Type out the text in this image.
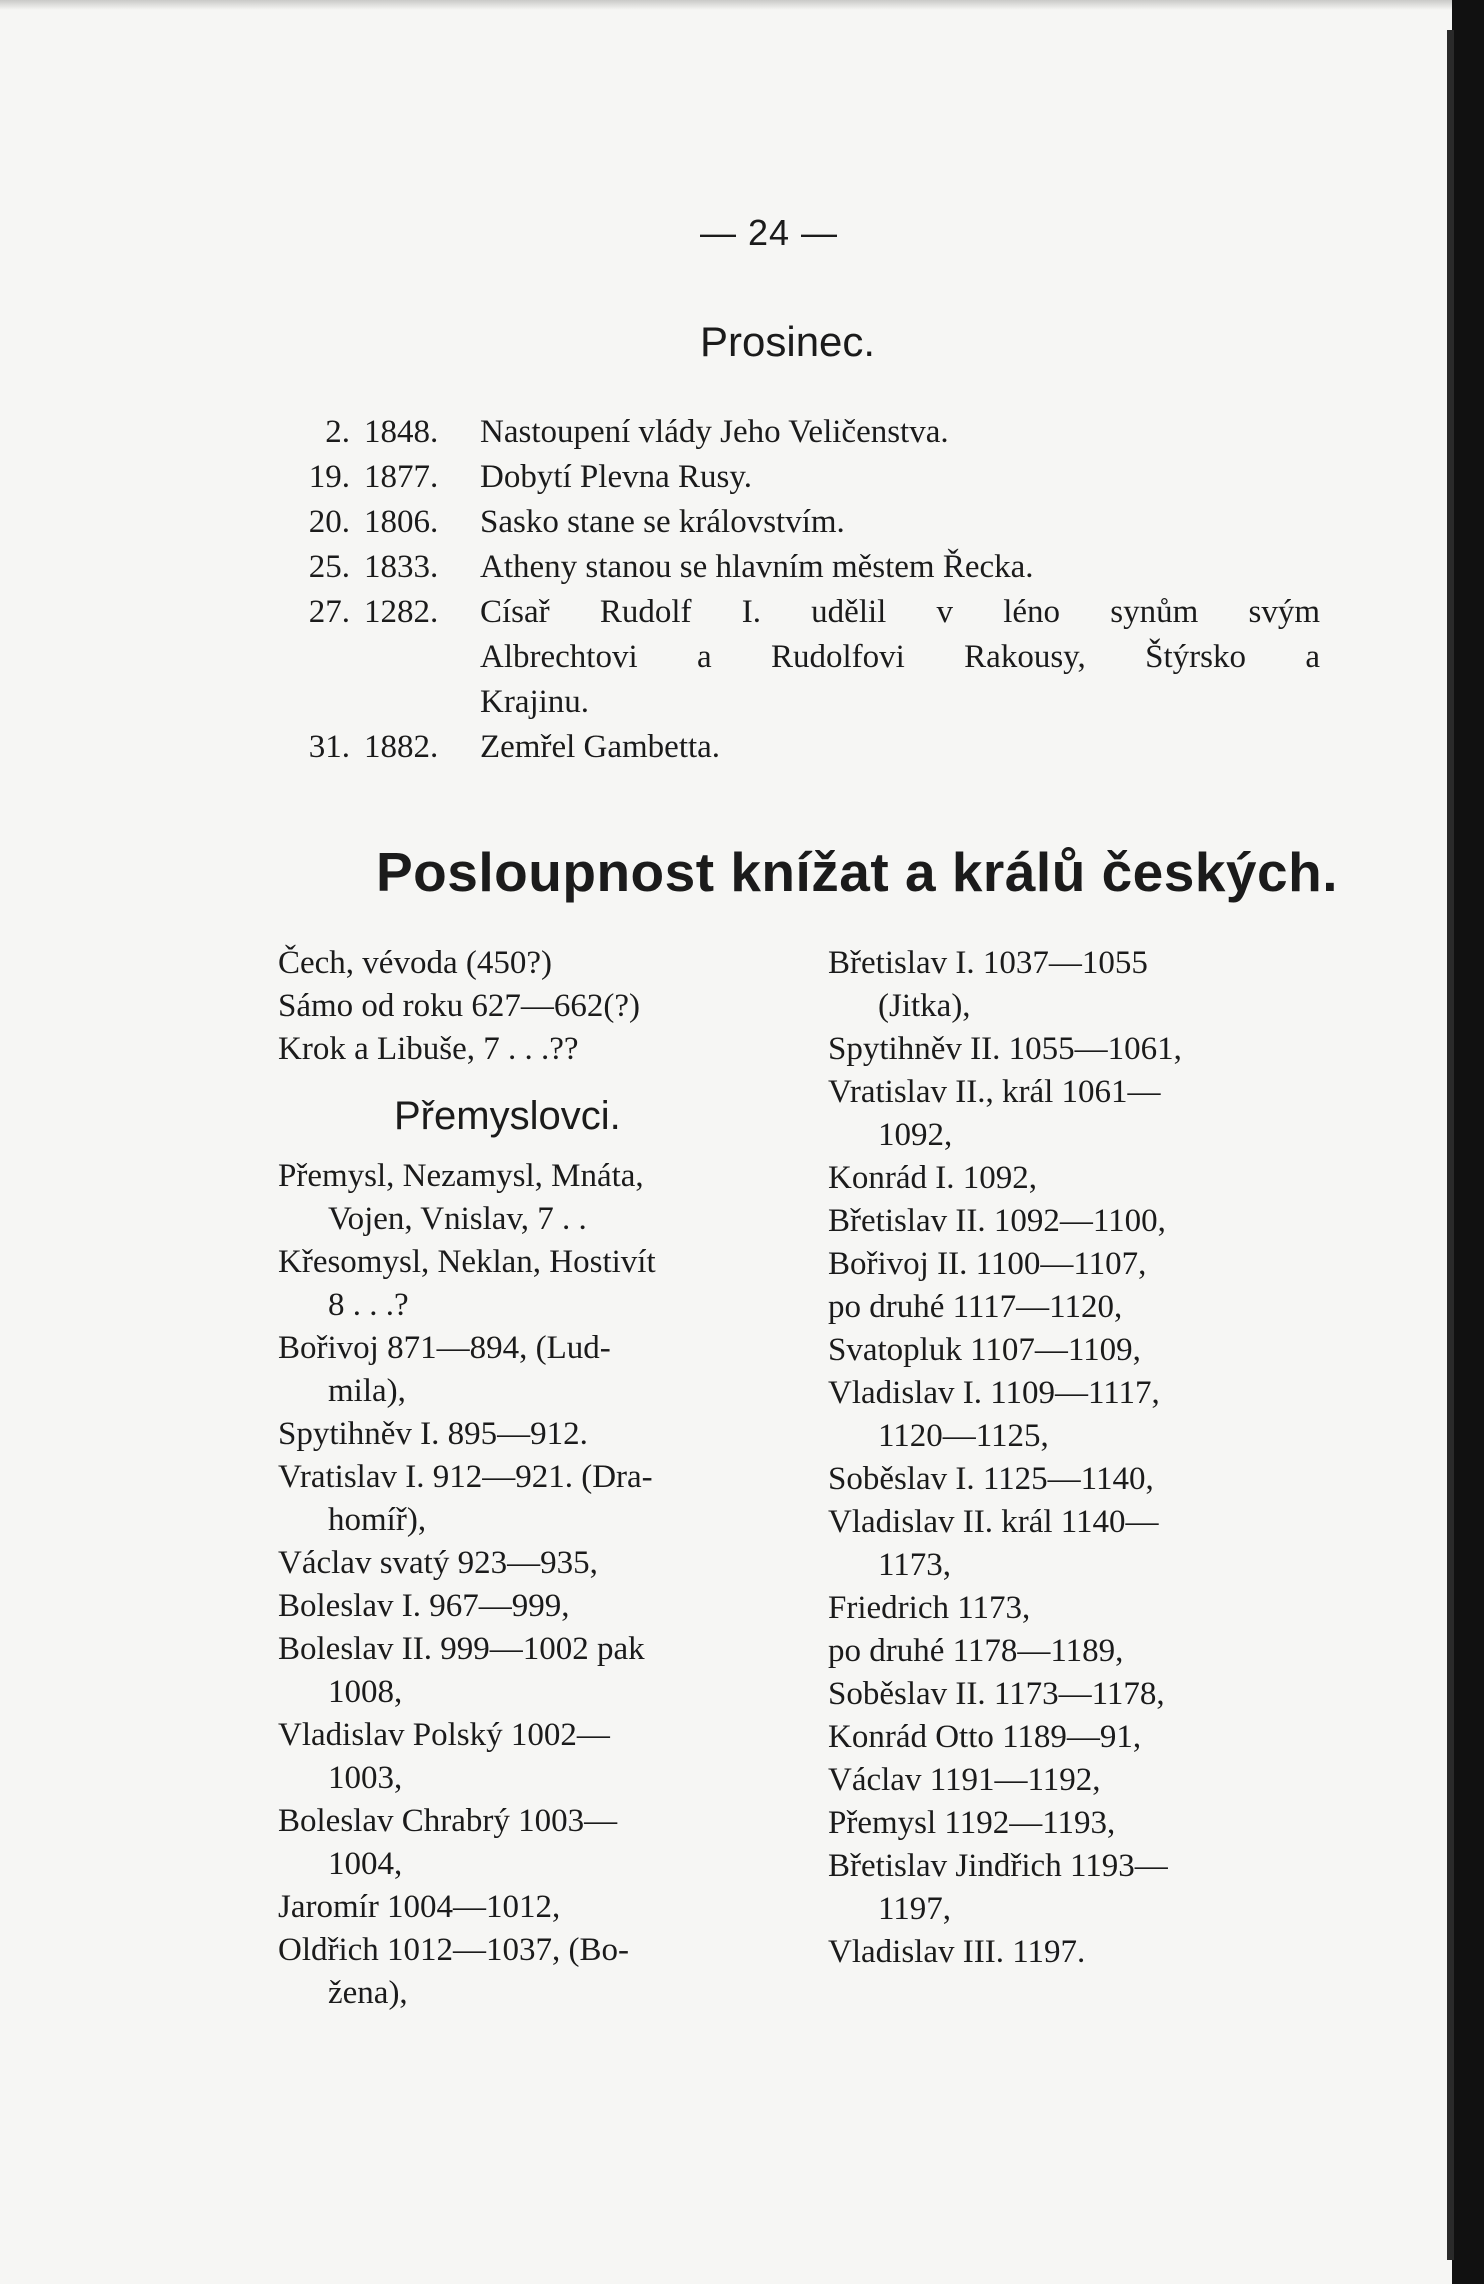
— 24 —
Prosinec.
2. 1848.	Nastoupení vlády Jeho Veličenstva.
19. 1877.	Dobytí Plevna Rusy.
20. 1806.	Sasko stane se královstvím.
25. 1833.	Atheny stanou se hlavním městem Řecka.
27. 1282.	Císař Rudolf I. udělil v léno synům svým
Albrechtovi a Rudolfovi Rakousy, Štýrsko a
Krajinu.
31. 1882.	Zemřel Gambetta.
Posloupnost knížat a králů českých.
Čech, vévoda (450?)
Sámo od roku 627—662(?)
Krok a Libuše, 7 . . .??
Přemyslovci.
Přemysl, Nezamysl, Mnáta,
Vojen, Vnislav, 7 . .
Křesomysl, Neklan, Hostivít
8 . . .?
Bořivoj 871—894, (Lud-
mila),
Spytihněv I. 895—912.
Vratislav I. 912—921. (Dra-
homíř),
Václav svatý 923—935,
Boleslav I. 967—999,
Boleslav II. 999—1002 pak
1008,
Vladislav Polský 1002—
1003,
Boleslav Chrabrý 1003—
1004,
Jaromír 1004—1012,
Oldřich 1012—1037, (Bo-
žena),
Břetislav I. 1037—1055
(Jitka),
Spytihněv II. 1055—1061,
Vratislav II., král 1061—
1092,
Konrád I. 1092,
Břetislav II. 1092—1100,
Bořivoj II. 1100—1107,
po druhé 1117—1120,
Svatopluk 1107—1109,
Vladislav I. 1109—1117,
1120—1125,
Soběslav I. 1125—1140,
Vladislav II. král 1140—
1173,
Friedrich 1173,
po druhé 1178—1189,
Soběslav II. 1173—1178,
Konrád Otto 1189—91,
Václav 1191—1192,
Přemysl 1192—1193,
Břetislav Jindřich 1193—
1197,
Vladislav III. 1197.
